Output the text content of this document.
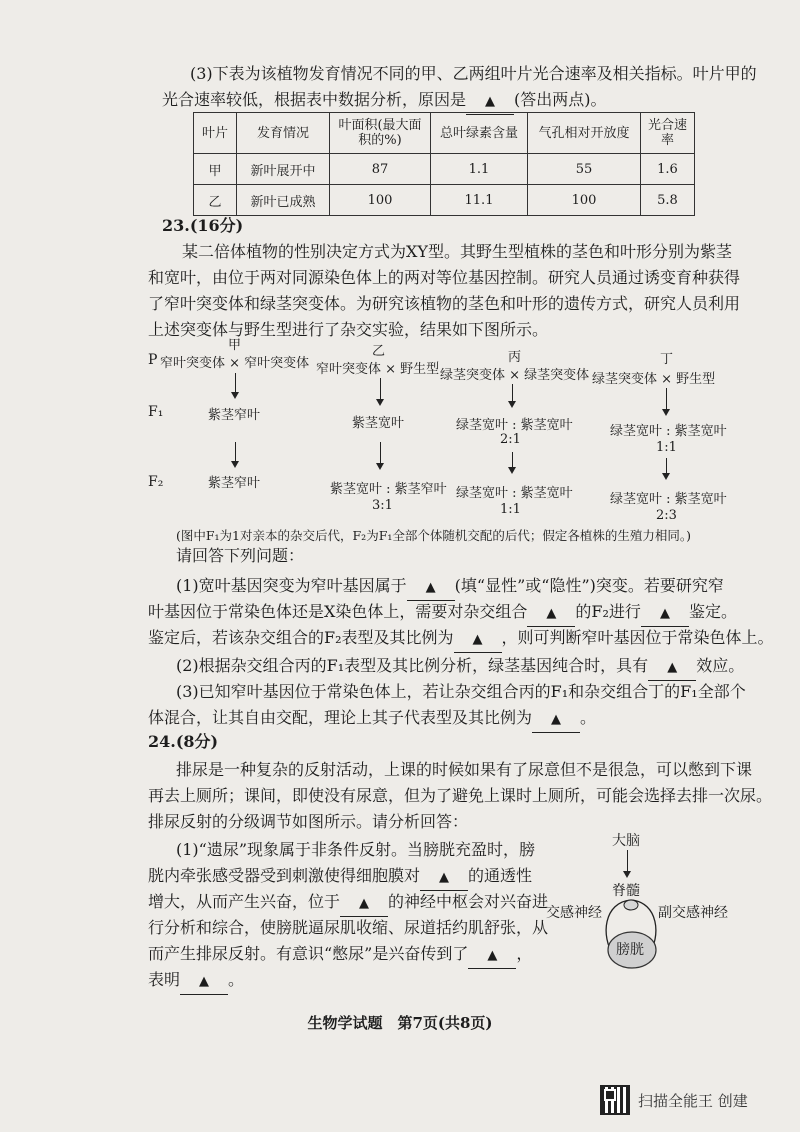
(3)下表为该植物发育情况不同的甲、乙两组叶片光合速率及相关指标。叶片甲的
光合速率较低，根据表中数据分析，原因是 ▲ (答出两点)。
叶片	发育情况	叶面积(最大面积的%)	总叶绿素含量	气孔相对开放度	光合速率
甲	新叶展开中	87	1.1	55	1.6
乙	新叶已成熟	100	11.1	100	5.8
23.(16分)
某二倍体植物的性别决定方式为XY型。其野生型植株的茎色和叶形分别为紫茎
和宽叶，由位于两对同源染色体上的两对等位基因控制。研究人员通过诱变育种获得
了窄叶突变体和绿茎突变体。为研究该植物的茎色和叶形的遗传方式，研究人员利用
上述突变体与野生型进行了杂交实验，结果如下图所示。
P
F₁
F₂
甲
窄叶突变体 × 窄叶突变体
紫茎窄叶
紫茎窄叶
乙
窄叶突变体 × 野生型
紫茎宽叶
紫茎宽叶 : 紫茎窄叶
3:1
丙
绿茎突变体 × 绿茎突变体
绿茎宽叶 : 紫茎宽叶
2:1
绿茎宽叶 : 紫茎宽叶
1:1
丁
绿茎突变体 × 野生型
绿茎宽叶 : 紫茎宽叶
1:1
绿茎宽叶 : 紫茎宽叶
2:3
(图中F₁为1对亲本的杂交后代，F₂为F₁全部个体随机交配的后代；假定各植株的生殖力相同。)
请回答下列问题：
(1)宽叶基因突变为窄叶基因属于 ▲ (填“显性”或“隐性”)突变。若要研究窄
叶基因位于常染色体还是X染色体上，需要对杂交组合 ▲ 的F₂进行 ▲ 鉴定。
鉴定后，若该杂交组合的F₂表型及其比例为 ▲ ，则可判断窄叶基因位于常染色体上。
(2)根据杂交组合丙的F₁表型及其比例分析，绿茎基因纯合时，具有 ▲ 效应。
(3)已知窄叶基因位于常染色体上，若让杂交组合丙的F₁和杂交组合丁的F₁全部个
体混合，让其自由交配，理论上其子代表型及其比例为 ▲ 。
24.(8分)
排尿是一种复杂的反射活动，上课的时候如果有了尿意但不是很急，可以憋到下课
再去上厕所；课间，即使没有尿意，但为了避免上课时上厕所，可能会选择去排一次尿。
排尿反射的分级调节如图所示。请分析回答：
(1)“遗尿”现象属于非条件反射。当膀胱充盈时，膀
胱内牵张感受器受到刺激使得细胞膜对 ▲ 的通透性
增大，从而产生兴奋，位于 ▲ 的神经中枢会对兴奋进
行分析和综合，使膀胱逼尿肌收缩、尿道括约肌舒张，从
而产生排尿反射。有意识“憋尿”是兴奋传到了 ▲ ，
表明 ▲ 。
大脑
脊髓
交感神经	副交感神经
膀胱
生物学试题　第7页(共8页)
扫描全能王 创建
